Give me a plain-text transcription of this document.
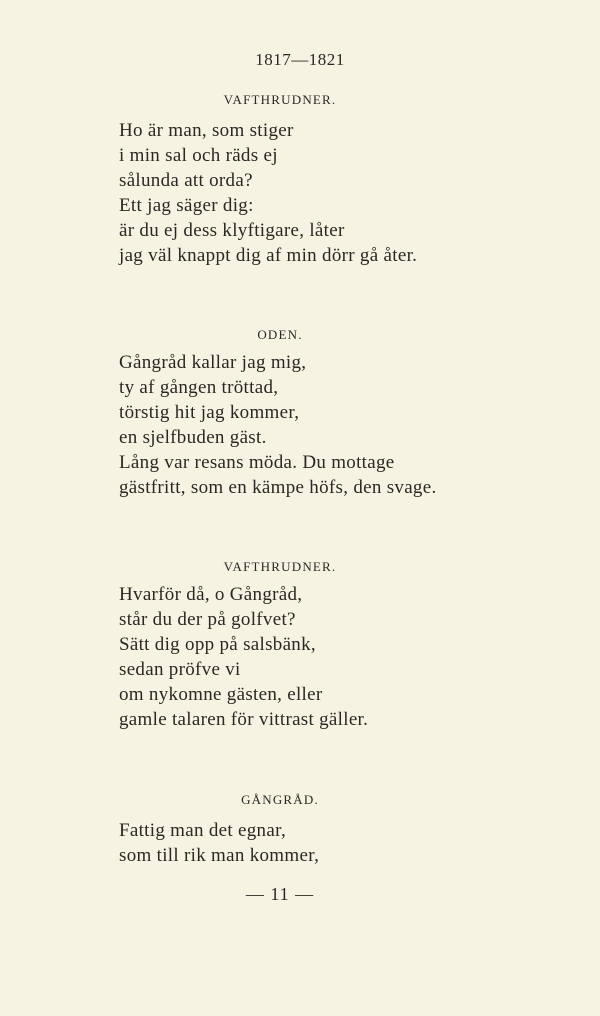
1817—1821
VAFTHRUDNER.
Ho är man, som stiger
i min sal och räds ej
sålunda att orda?
Ett jag säger dig:
är du ej dess klyftigare, låter
jag väl knappt dig af min dörr gå åter.
ODEN.
Gångråd kallar jag mig,
ty af gången tröttad,
törstig hit jag kommer,
en sjelfbuden gäst.
Lång var resans möda. Du mottage
gästfritt, som en kämpe höfs, den svage.
VAFTHRUDNER.
Hvarför då, o Gångråd,
står du der på golfvet?
Sätt dig opp på salsbänk,
sedan pröfve vi
om nykomne gästen, eller
gamle talaren för vittrast gäller.
GÅNGRÅD.
Fattig man det egnar,
som till rik man kommer,
— 11 —
